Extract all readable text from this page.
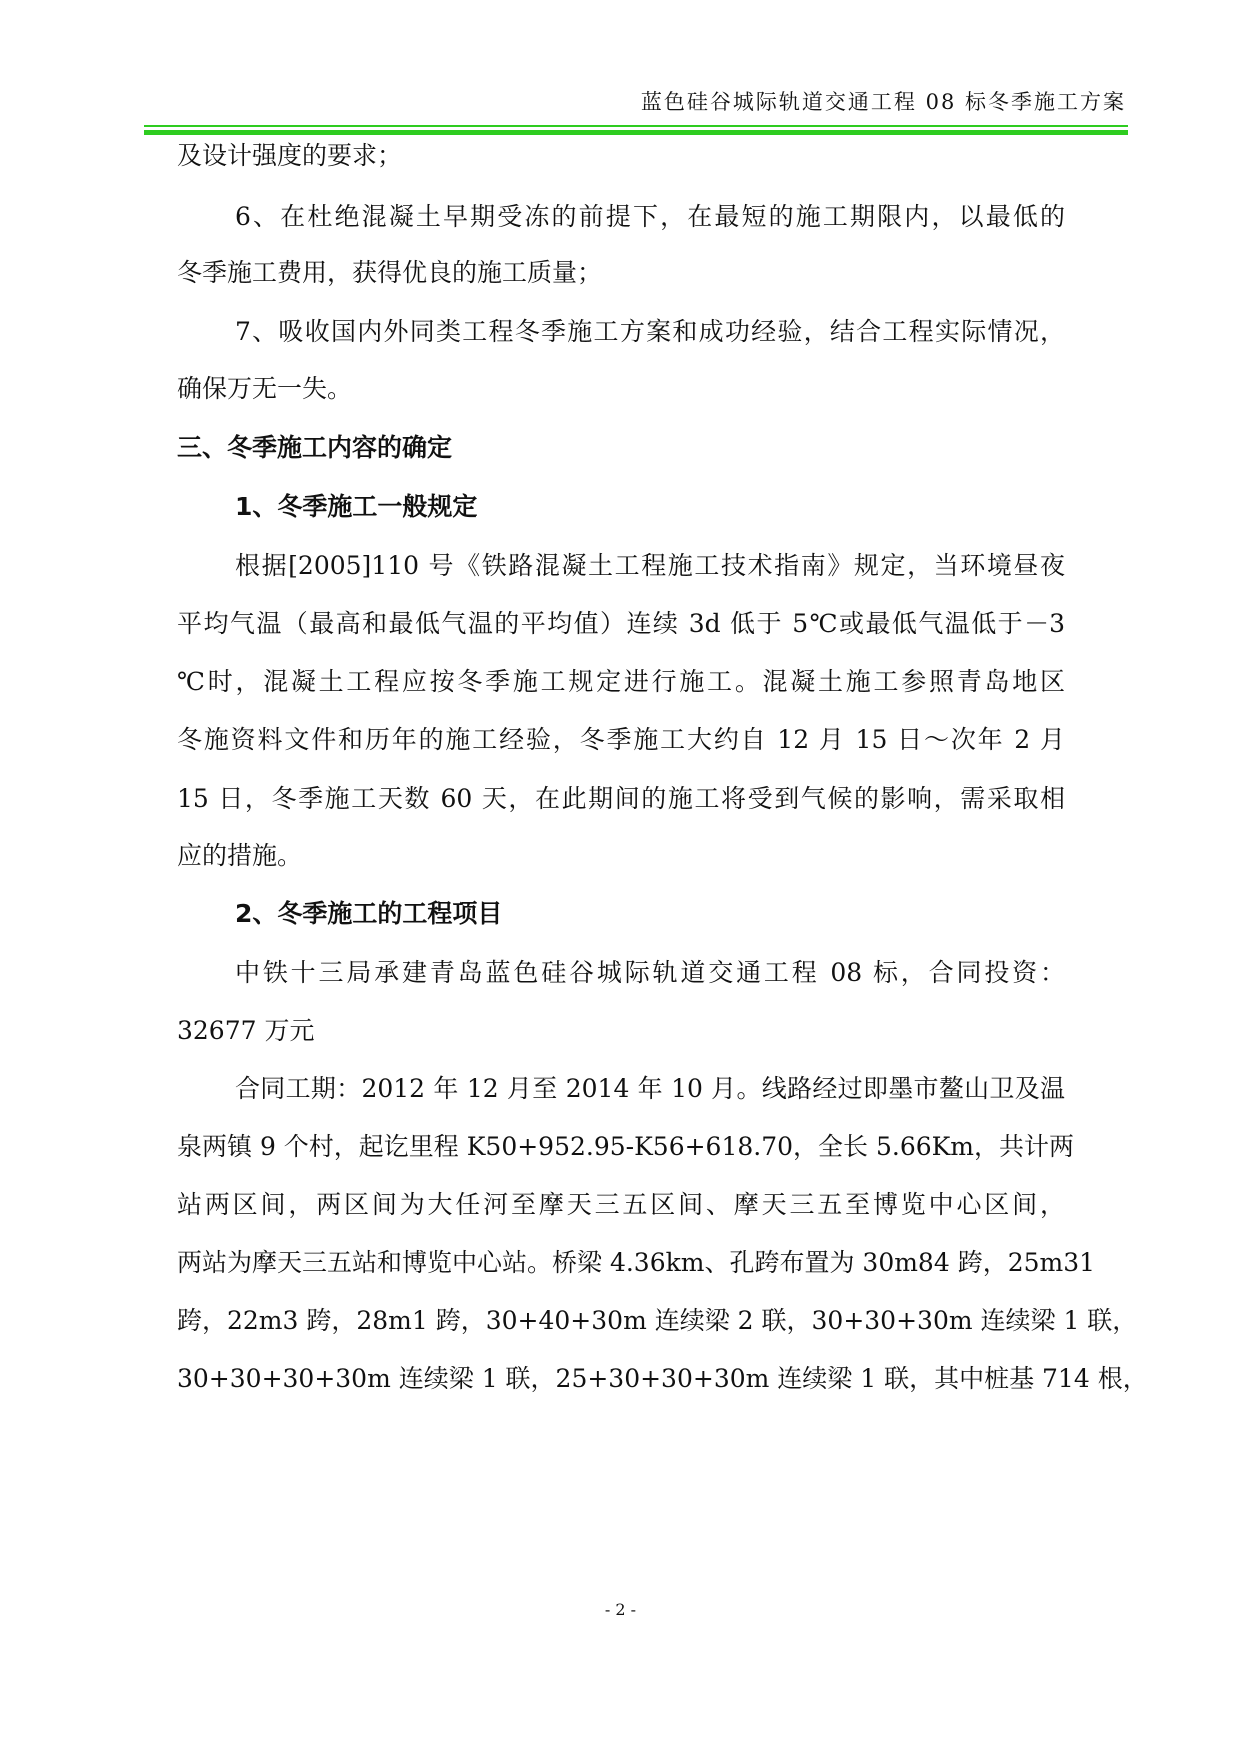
蓝色硅谷城际轨道交通工程 08 标冬季施工方案
及设计强度的要求；
6、在杜绝混凝土早期受冻的前提下，在最短的施工期限内，以最低的
冬季施工费用，获得优良的施工质量；
7、吸收国内外同类工程冬季施工方案和成功经验，结合工程实际情况，
确保万无一失。
三、冬季施工内容的确定
1、冬季施工一般规定
根据[2005]110 号《铁路混凝土工程施工技术指南》规定，当环境昼夜
平均气温（最高和最低气温的平均值）连续 3d 低于 5℃或最低气温低于－3
℃时，混凝土工程应按冬季施工规定进行施工。混凝土施工参照青岛地区
冬施资料文件和历年的施工经验，冬季施工大约自 12 月 15 日～次年 2 月
15 日，冬季施工天数 60 天，在此期间的施工将受到气候的影响，需采取相
应的措施。
2、冬季施工的工程项目
中铁十三局承建青岛蓝色硅谷城际轨道交通工程 08 标，合同投资：
32677 万元
合同工期：2012 年 12 月至 2014 年 10 月。线路经过即墨市鳌山卫及温
泉两镇 9 个村，起讫里程 K50+952.95-K56+618.70，全长 5.66Km，共计两
站两区间，两区间为大任河至摩天三五区间、摩天三五至博览中心区间，
两站为摩天三五站和博览中心站。桥梁 4.36km、孔跨布置为 30m84 跨，25m31
跨，22m3 跨，28m1 跨，30+40+30m 连续梁 2 联，30+30+30m 连续梁 1 联，
30+30+30+30m 连续梁 1 联，25+30+30+30m 连续梁 1 联，其中桩基 714 根，
- 2 -
